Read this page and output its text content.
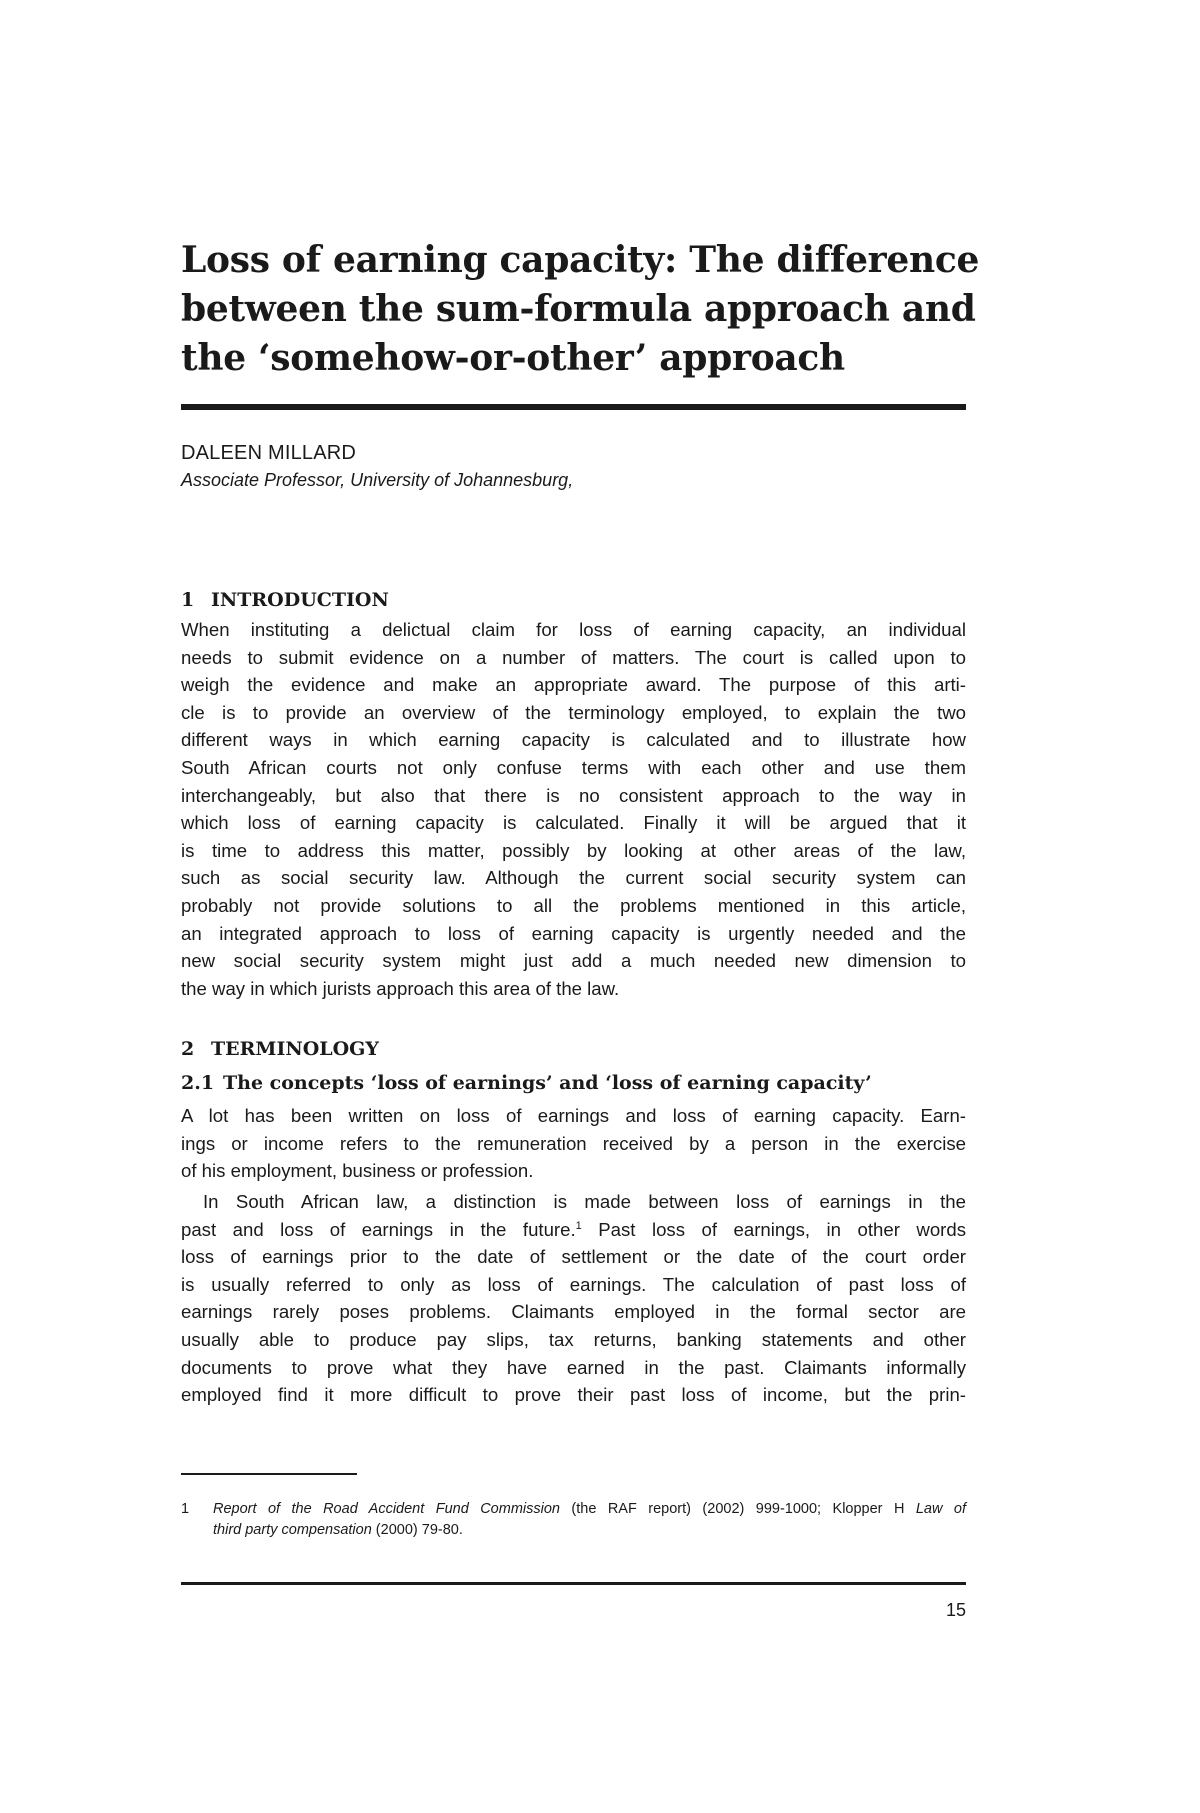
Loss of earning capacity: The difference
between the sum-formula approach and
the ‘somehow-or-other’ approach
DALEEN MILLARD
Associate Professor, University of Johannesburg,
1 INTRODUCTION
When instituting a delictual claim for loss of earning capacity, an individual
needs to submit evidence on a number of matters. The court is called upon to
weigh the evidence and make an appropriate award. The purpose of this arti-
cle is to provide an overview of the terminology employed, to explain the two
different ways in which earning capacity is calculated and to illustrate how
South African courts not only confuse terms with each other and use them
interchangeably, but also that there is no consistent approach to the way in
which loss of earning capacity is calculated. Finally it will be argued that it
is time to address this matter, possibly by looking at other areas of the law,
such as social security law. Although the current social security system can
probably not provide solutions to all the problems mentioned in this article,
an integrated approach to loss of earning capacity is urgently needed and the
new social security system might just add a much needed new dimension to
the way in which jurists approach this area of the law.
2 TERMINOLOGY
2.1 The concepts ‘loss of earnings’ and ‘loss of earning capacity’
A lot has been written on loss of earnings and loss of earning capacity. Earn-
ings or income refers to the remuneration received by a person in the exercise
of his employment, business or profession.
In South African law, a distinction is made between loss of earnings in the
past and loss of earnings in the future.$^1$ Past loss of earnings, in other words
loss of earnings prior to the date of settlement or the date of the court order
is usually referred to only as loss of earnings. The calculation of past loss of
earnings rarely poses problems. Claimants employed in the formal sector are
usually able to produce pay slips, tax returns, banking statements and other
documents to prove what they have earned in the past. Claimants informally
employed find it more difficult to prove their past loss of income, but the prin-
1 Report of the Road Accident Fund Commission (the RAF report) (2002) 999-1000; Klopper H Law of
third party compensation (2000) 79-80.
15
